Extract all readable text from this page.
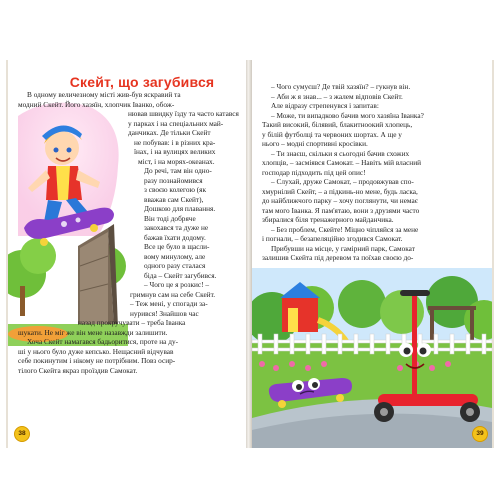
Скейт, що загубився

В одному величезному місті жив-був яскравий та

модний Скейт. Його хазяїн, хлопчик Іванко, обож-

нював швидку їзду та часто катався

у парках і на спеціальних май-

данчиках. Де тільки Скейт

не побував: і в різних кра-

їнах, і на вулицях великих

міст, і на морях-океанах.

До речі, там він одно-

разу познайомився

з своєю колегою (як

вважав сам Скейт),

Дошкою для плавання.

Він тоді добряче

закохався та дуже не

бажав їхати додому.

Все це було в щасли-

вому минулому, але

одного разу сталася

біда – Скейт загубився.

– Чого це я розкис! –

гримнув сам на себе Скейт.

– Теж мені, у спогади за-

нурився! Знайшов час

назад прокручувати – треба Іванка

шукати. Не міг же він мене назавжди залишити.

Хоча Скейт намагався бадьоритися, проте на ду-

ші у нього було дуже кепсько. Нещасний відчував

себе покинутим і нікому не потрібним. Повз осир-

тілого Скейта якраз проїздив Самокат.

38

– Чого сумуєш? Де твій хазяїн? – гукнув він.

– Аби ж я знав... – з жалем відповів Скейт.

Але відразу стрепенувся і запитав:

– Може, ти випадково бачив мого хазяїна Іванка?

Такий високий, білявий, блакитноокий хлопець,

у білій футболці та червоних шортах. А ще у

нього – модні спортивні кросівки.

– Ти знаєш, скільки я сьогодні бачив схожих

хлопців, – засміявся Самокат. – Навіть мій власний

господар підходить під цей опис!

– Слухай, друже Самокат, – продовжував спо-

хмурнілий Скейт, – а підкинь-но мене, будь ласка,

до найближчого парку – хочу поглянути, чи немає

там мого Іванка. Я пам'ятаю, вони з друзями часто

збиралися біля тренажерного майданчика.

– Без проблем, Скейте! Міцно чіпляйся за мене

і погнали, – безапеляційно згодився Самокат.

Прибувши на місце, у гамірний парк, Самокат

залишив Скейта під деревом та поїхав своєю до-

39
